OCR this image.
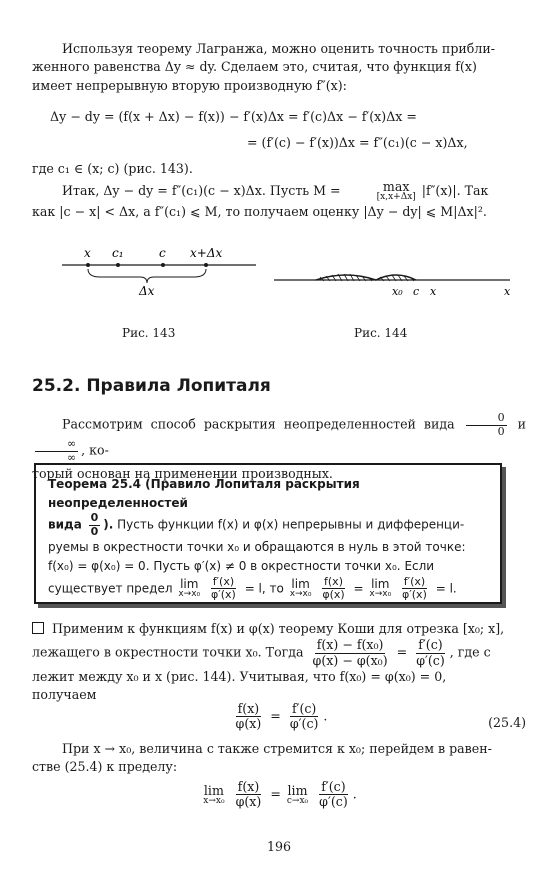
Используя теорему Лагранжа, можно оценить точность прибли-
женного равенства Δy ≈ dy. Сделаем это, считая, что функция f(x)
имеет непрерывную вторую производную f″(x):
Δy − dy = (f(x + Δx) − f(x)) − f′(x)Δx = f′(c)Δx − f′(x)Δx =
= (f′(c) − f′(x))Δx = f″(c₁)(c − x)Δx,
где c₁ ∈ (x; c) (рис. 143).
Итак, Δy − dy = f″(c₁)(c − x)Δx. Пусть M =	max
[x,x+Δx] |f″(x)|. Так
как |c − x| < Δx, а f″(c₁) ⩽ M, то получаем оценку |Δy − dy| ⩽ M|Δx|².
x c₁	c x+Δx
Δx
Рис. 143
x₀ c x	x
Рис. 144
25.2. Правила Лопиталя
Рассмотрим способ раскрытия неопределенностей вида $\frac{0}{0}$ и
$\frac{\infty}{\infty}$ , ко-
торый основан на применении производных.
Теорема 25.4 (Правило Лопиталя раскрытия неопределенностей
вида $\frac{0}{0}$ ). Пусть функции f(x) и φ(x) непрерывны и дифференци-
руемы в окрестности точки x₀ и обращаются в нуль в этой точке:
f(x₀) = φ(x₀) = 0. Пусть φ′(x) ≠ 0 в окрестности точки x₀. Если
существует предел lim
x→x₀
$\frac{f'(x)}{\varphi'(x)} = l$, то lim
x→x₀
$\frac{f(x)}{\varphi(x)} = \lim$
x→x₀
$\frac{f'(x)}{\varphi'(x)} = l$.
Применим к функциям f(x) и φ(x) теорему Коши для отрезка [x₀; x],
лежащего в окрестности точки x₀. Тогда $\frac{\text{f(x) − f(x₀)}}{\text{φ(x) − φ(x₀)}} = \frac{f'(c)}{\varphi'(c)}$ , где c
лежит между x₀ и x (рис. 144). Учитывая, что f(x₀) = φ(x₀) = 0,
получаем
$\frac{f(x)}{\varphi(x)} = \frac{f'(c)}{\varphi'(c)}$ .	(25.4)
При x → x₀, величина c также стремится к x₀; перейдем в равен-
стве (25.4) к пределу:
lim
x→x₀
$\frac{f(x)}{\varphi(x)} = \lim$
c→x₀
$\frac{f'(c)}{\varphi'(c)}$ .
196
